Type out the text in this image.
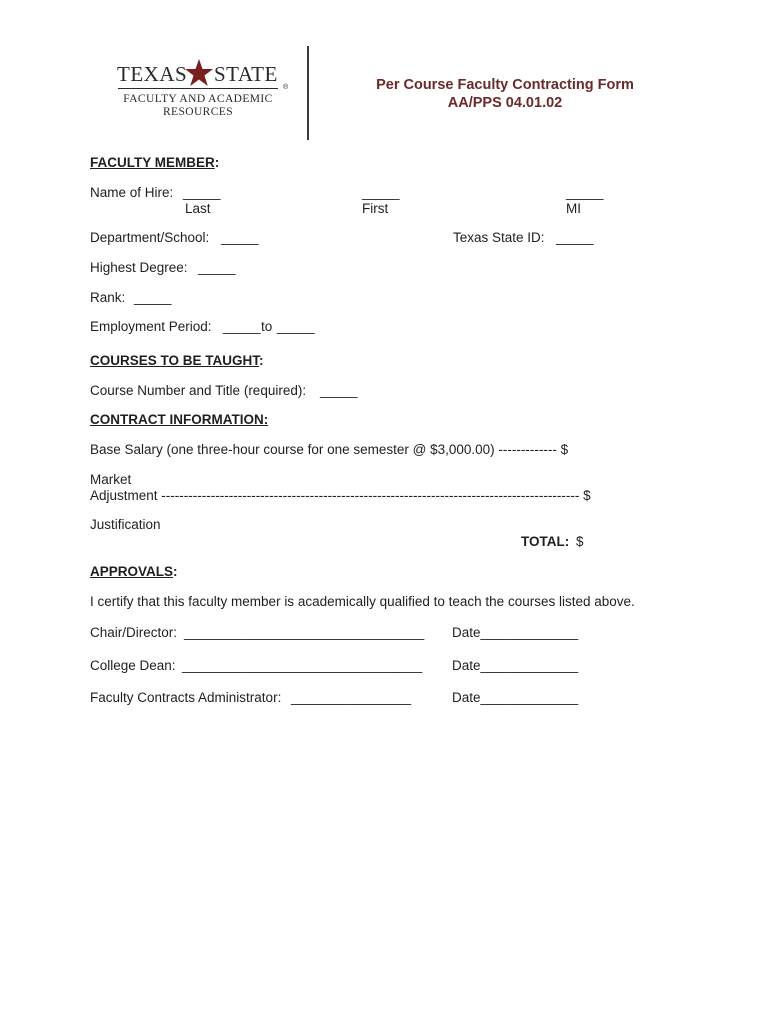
TEXAS STATE
®
FACULTY AND ACADEMIC
RESOURCES
Per Course Faculty Contracting Form
AA/PPS 04.01.02
FACULTY MEMBER:
Name of Hire: _____	_____	_____
Last	First	MI
Department/School: _____	Texas State ID: _____
Highest Degree: _____
Rank: _____
Employment Period: _____ to _____
COURSES TO BE TAUGHT:
Course Number and Title (required): _____
CONTRACT INFORMATION:
Base Salary (one three-hour course for one semester @ $3,000.00) ------------- $
Market
Adjustment --------------------------------------------------------------------------------------------- $
Justification
TOTAL: $
APPROVALS:
I certify that this faculty member is academically qualified to teach the courses listed above.
Chair/Director: ________________________________ Date_____________
College Dean: ________________________________ Date_____________
Faculty Contracts Administrator: ________________	Date_____________
